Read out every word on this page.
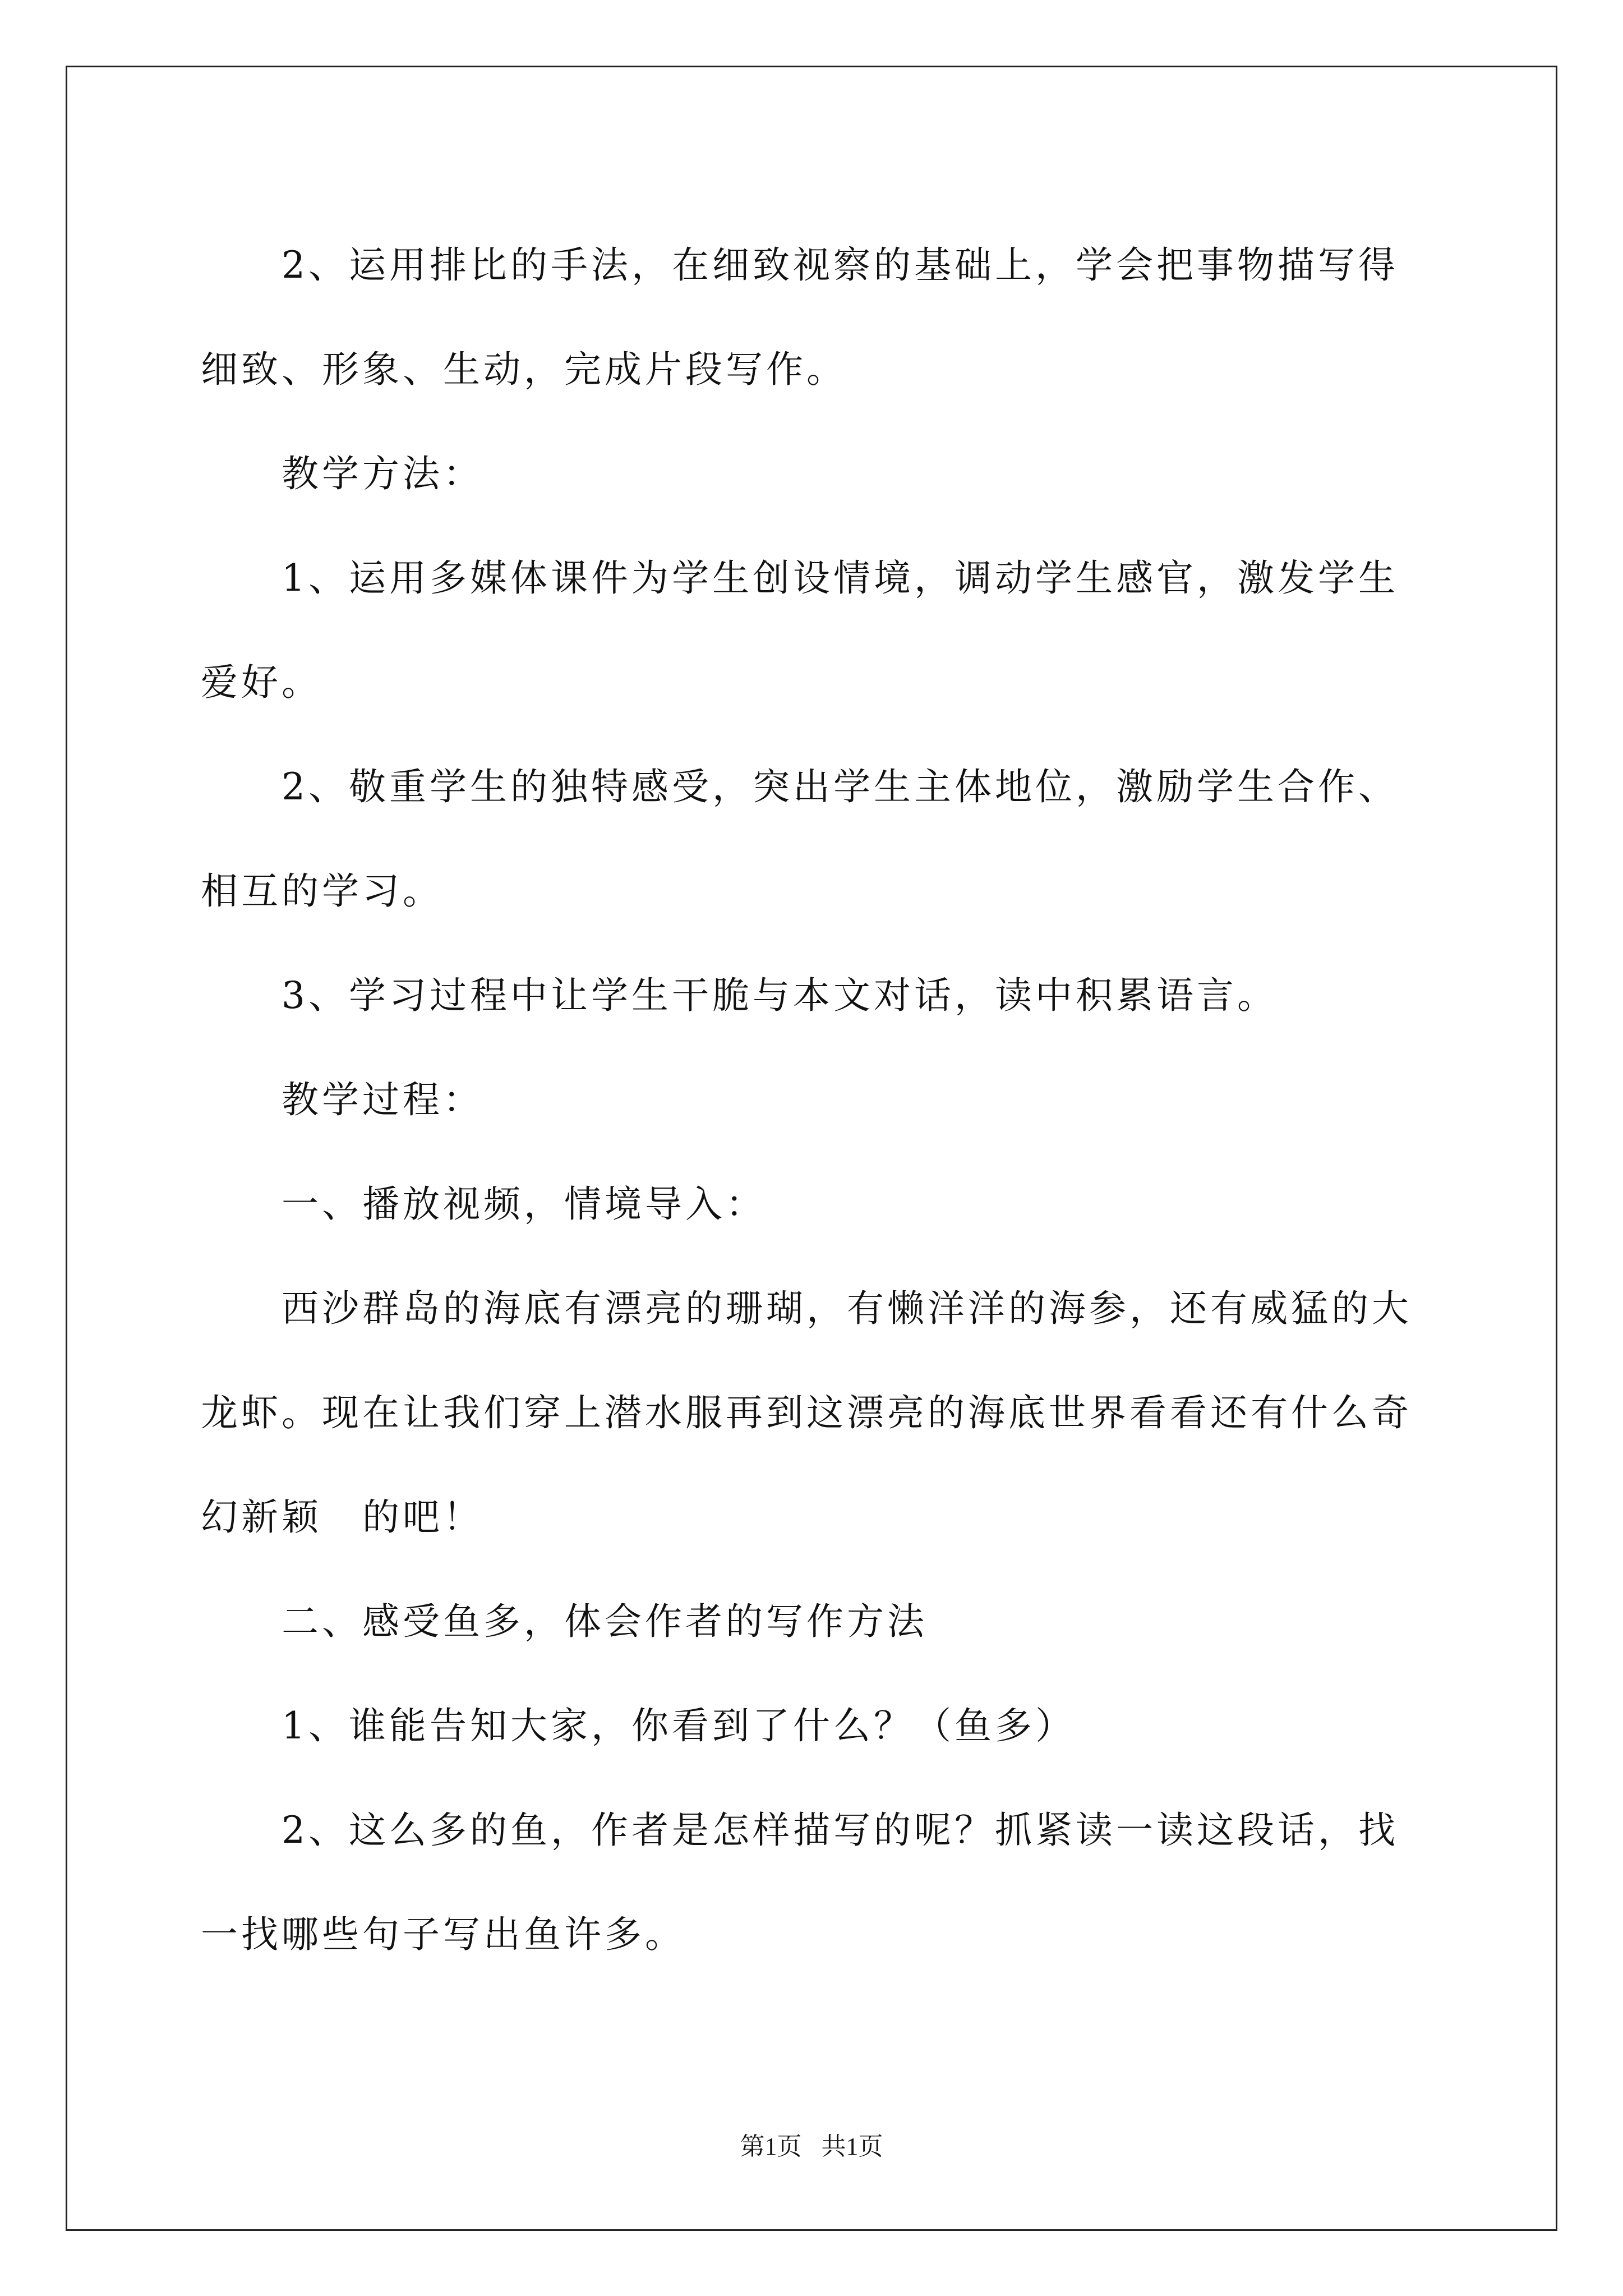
2、运用排比的手法，在细致视察的基础上，学会把事物描写得细致、形象、生动，完成片段写作。

教学方法：

1、运用多媒体课件为学生创设情境，调动学生感官，激发学生爱好。

2、敬重学生的独特感受，突出学生主体地位，激励学生合作、相互的学习。

3、学习过程中让学生干脆与本文对话，读中积累语言。

教学过程：

一、播放视频，情境导入：

西沙群岛的海底有漂亮的珊瑚，有懒洋洋的海参，还有威猛的大龙虾。现在让我们穿上潜水服再到这漂亮的海底世界看看还有什么奇幻新颖　的吧！

二、感受鱼多，体会作者的写作方法

1、谁能告知大家，你看到了什么？（鱼多）

2、这么多的鱼，作者是怎样描写的呢？抓紧读一读这段话，找一找哪些句子写出鱼许多。

第1页 共1页
